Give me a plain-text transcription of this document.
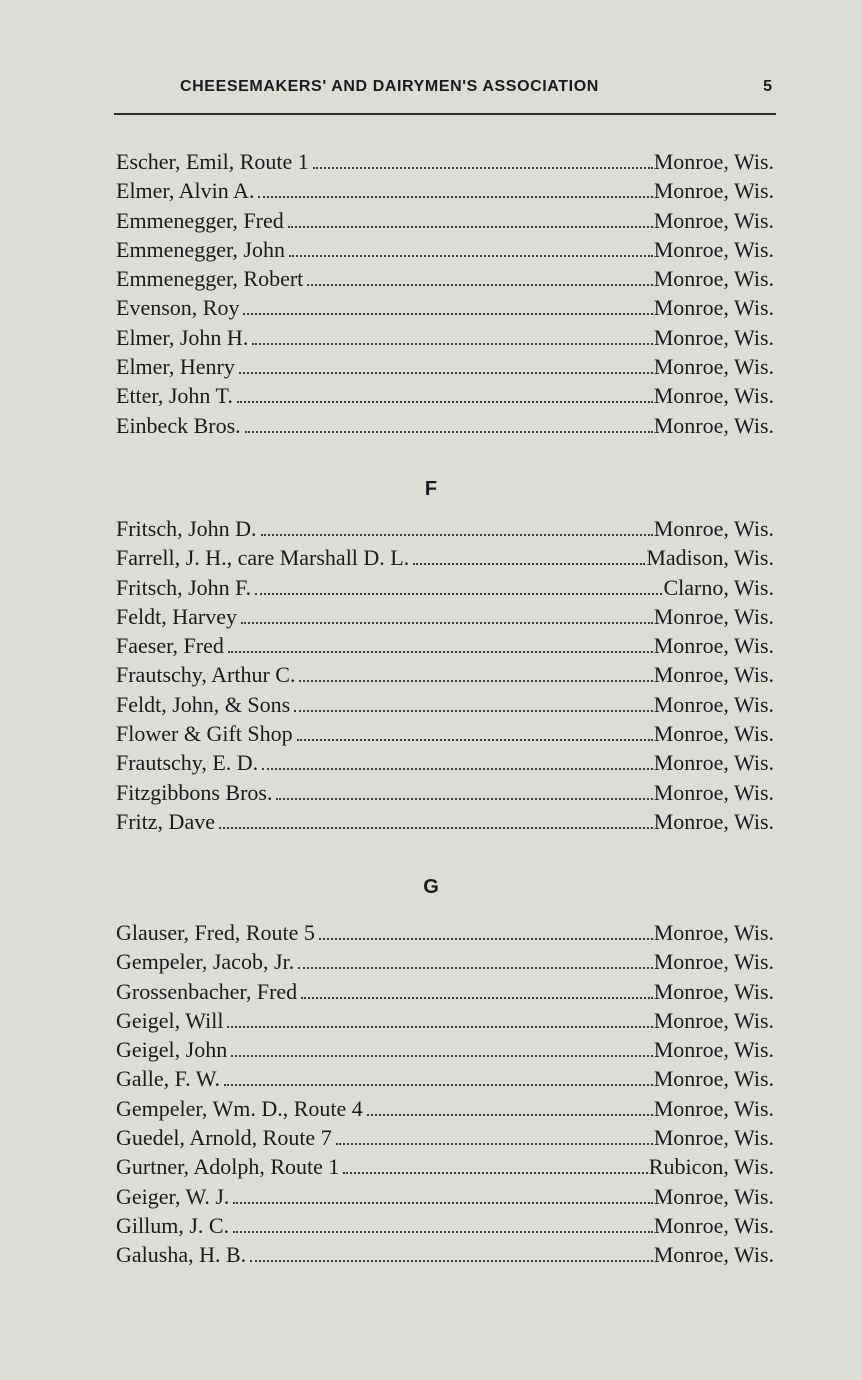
CHEESEMAKERS' AND DAIRYMEN'S ASSOCIATION	5
Escher, Emil, Route 1	Monroe, Wis.
Elmer, Alvin A.	Monroe, Wis.
Emmenegger, Fred	Monroe, Wis.
Emmenegger, John	Monroe, Wis.
Emmenegger, Robert	Monroe, Wis.
Evenson, Roy	Monroe, Wis.
Elmer, John H.	Monroe, Wis.
Elmer, Henry	Monroe, Wis.
Etter, John T.	Monroe, Wis.
Einbeck Bros.	Monroe, Wis.
F
Fritsch, John D.	Monroe, Wis.
Farrell, J. H., care Marshall D. L.	Madison, Wis.
Fritsch, John F.	Clarno, Wis.
Feldt, Harvey	Monroe, Wis.
Faeser, Fred	Monroe, Wis.
Frautschy, Arthur C.	Monroe, Wis.
Feldt, John, & Sons	Monroe, Wis.
Flower & Gift Shop	Monroe, Wis.
Frautschy, E. D.	Monroe, Wis.
Fitzgibbons Bros.	Monroe, Wis.
Fritz, Dave	Monroe, Wis.
G
Glauser, Fred, Route 5	Monroe, Wis.
Gempeler, Jacob, Jr.	Monroe, Wis.
Grossenbacher, Fred	Monroe, Wis.
Geigel, Will	Monroe, Wis.
Geigel, John	Monroe, Wis.
Galle, F. W.	Monroe, Wis.
Gempeler, Wm. D., Route 4	Monroe, Wis.
Guedel, Arnold, Route 7	Monroe, Wis.
Gurtner, Adolph, Route 1	Rubicon, Wis.
Geiger, W. J.	Monroe, Wis.
Gillum, J. C.	Monroe, Wis.
Galusha, H. B.	Monroe, Wis.
